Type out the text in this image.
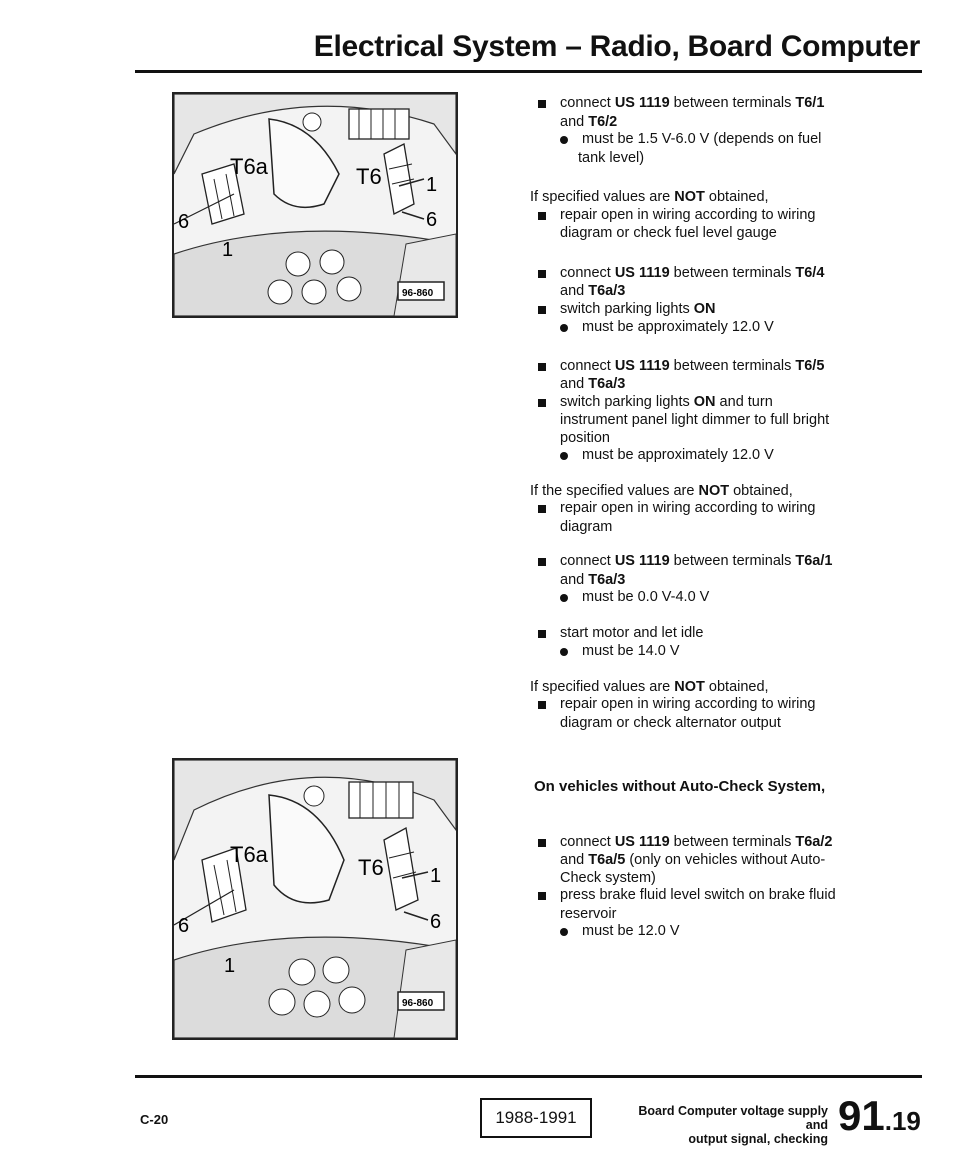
Electrical System – Radio, Board Computer
T6a	T6 1
6
6
1
96-860
T6a
T6 1
6
6
1
96-860
connect US 1119 between terminals T6/1
and T6/2
must be 1.5 V-6.0 V (depends on fuel
tank level)
If specified values are NOT obtained,
repair open in wiring according to wiring
diagram or check fuel level gauge
connect US 1119 between terminals T6/4
and T6a/3
switch parking lights ON
must be approximately 12.0 V
connect US 1119 between terminals T6/5
and T6a/3
switch parking lights ON and turn
instrument panel light dimmer to full bright
position
must be approximately 12.0 V
If the specified values are NOT obtained,
repair open in wiring according to wiring
diagram
connect US 1119 between terminals T6a/1
and T6a/3
must be 0.0 V-4.0 V
start motor and let idle
must be 14.0 V
If specified values are NOT obtained,
repair open in wiring according to wiring
diagram or check alternator output
On vehicles without Auto-Check System,
connect US 1119 between terminals T6a/2
and T6a/5 (only on vehicles without Auto-
Check system)
press brake fluid level switch on brake fluid
reservoir
must be 12.0 V
C-20	1988-1991	Board Computer voltage supply and
output signal, checking 91.19
